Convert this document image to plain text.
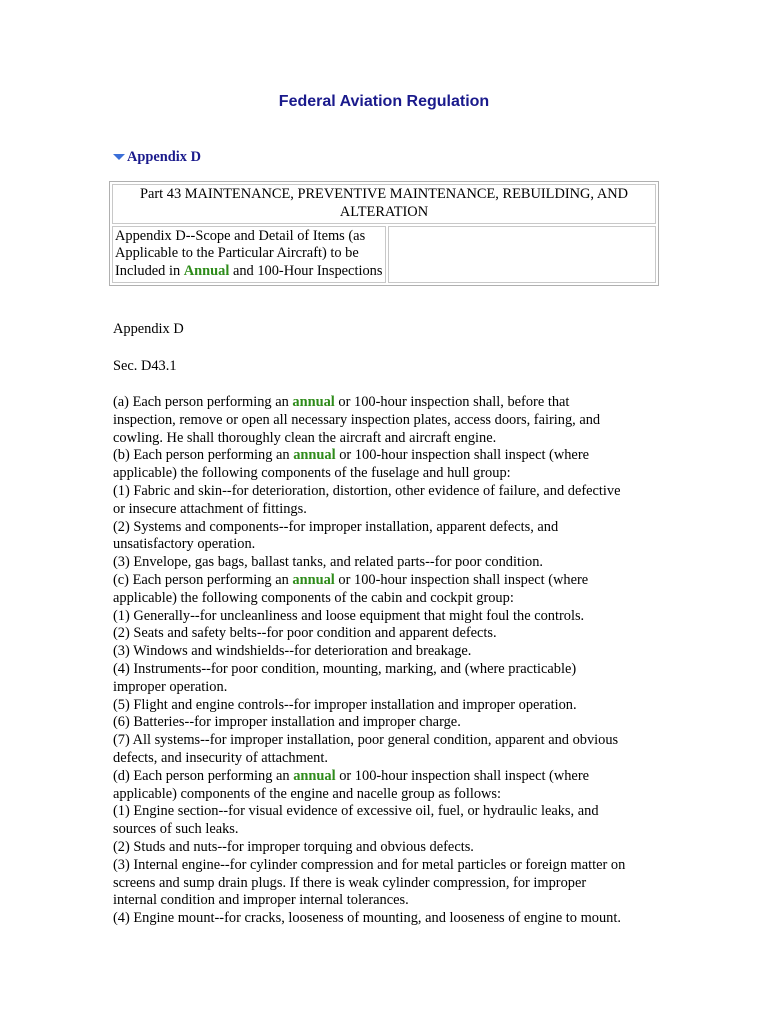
Federal Aviation Regulation
Appendix D
Part 43 MAINTENANCE, PREVENTIVE MAINTENANCE, REBUILDING, AND ALTERATION
Appendix D--Scope and Detail of Items (as Applicable to the Particular Aircraft) to be Included in Annual and 100-Hour Inspections	
Appendix D
Sec. D43.1
(a) Each person performing an annual or 100-hour inspection shall, before that
inspection, remove or open all necessary inspection plates, access doors, fairing, and
cowling. He shall thoroughly clean the aircraft and aircraft engine.
(b) Each person performing an annual or 100-hour inspection shall inspect (where
applicable) the following components of the fuselage and hull group:
(1) Fabric and skin--for deterioration, distortion, other evidence of failure, and defective
or insecure attachment of fittings.
(2) Systems and components--for improper installation, apparent defects, and
unsatisfactory operation.
(3) Envelope, gas bags, ballast tanks, and related parts--for poor condition.
(c) Each person performing an annual or 100-hour inspection shall inspect (where
applicable) the following components of the cabin and cockpit group:
(1) Generally--for uncleanliness and loose equipment that might foul the controls.
(2) Seats and safety belts--for poor condition and apparent defects.
(3) Windows and windshields--for deterioration and breakage.
(4) Instruments--for poor condition, mounting, marking, and (where practicable)
improper operation.
(5) Flight and engine controls--for improper installation and improper operation.
(6) Batteries--for improper installation and improper charge.
(7) All systems--for improper installation, poor general condition, apparent and obvious
defects, and insecurity of attachment.
(d) Each person performing an annual or 100-hour inspection shall inspect (where
applicable) components of the engine and nacelle group as follows:
(1) Engine section--for visual evidence of excessive oil, fuel, or hydraulic leaks, and
sources of such leaks.
(2) Studs and nuts--for improper torquing and obvious defects.
(3) Internal engine--for cylinder compression and for metal particles or foreign matter on
screens and sump drain plugs. If there is weak cylinder compression, for improper
internal condition and improper internal tolerances.
(4) Engine mount--for cracks, looseness of mounting, and looseness of engine to mount.
